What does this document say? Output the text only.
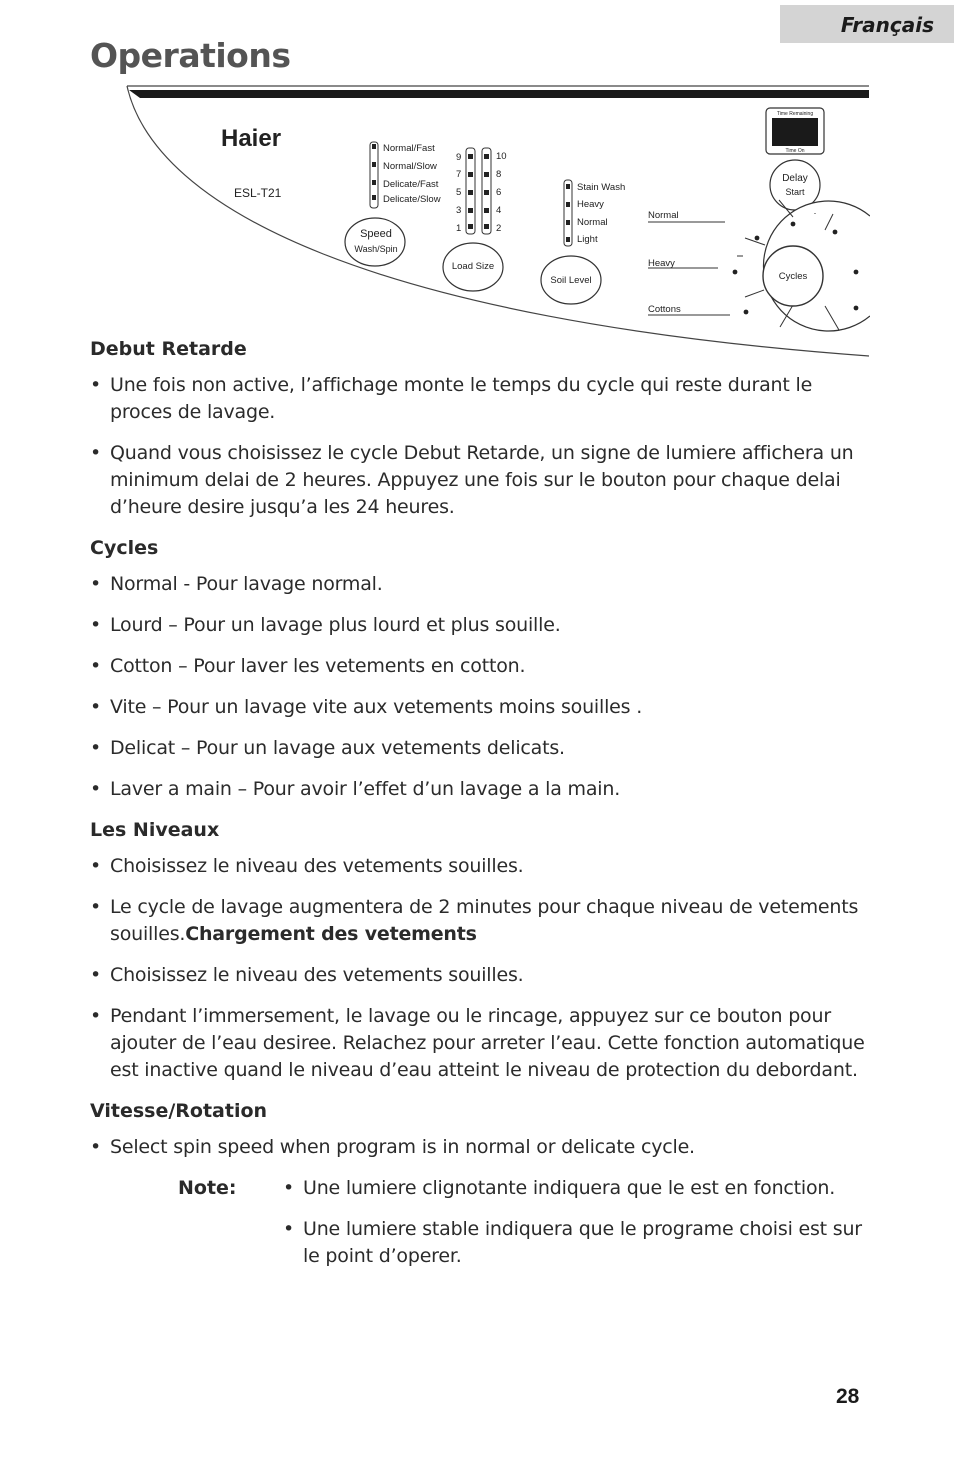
Français
Operations
Haier
ESL-T21
Normal/Fast
Normal/Slow
Delicate/Fast
Delicate/Slow
Speed
Wash/Spin
9
7
5
3
1
10
8
6
4
2
Load Size
Stain Wash
Heavy
Normal
Light
Soil Level
Time Remaining
Time On
Delay
Start
Cycles
Normal
Heavy
Cottons
Debut Retarde
• Une fois non active, l’affichage monte le temps du cycle qui reste durant le proces de lavage.
• Quand vous choisissez le cycle Debut Retarde, un signe de lumiere affichera un minimum delai de 2 heures. Appuyez une fois sur le bouton pour chaque delai d’heure desire jusqu’a les 24 heures.
Cycles
• Normal - Pour lavage normal.
• Lourd – Pour un lavage plus lourd et plus souille.
• Cotton – Pour laver les vetements en cotton.
• Vite – Pour un lavage vite aux vetements moins souilles .
• Delicat – Pour un lavage aux vetements delicats.
• Laver a main – Pour avoir l’effet d’un lavage a la main.
Les Niveaux
• Choisissez le niveau des vetements souilles.
• Le cycle de lavage augmentera de 2 minutes pour chaque niveau de vetements souilles.Chargement des vetements
• Choisissez le niveau des vetements souilles.
• Pendant l’immersement, le lavage ou le rincage, appuyez sur ce bouton pour ajouter de l’eau desiree. Relachez pour arreter l’eau. Cette fonction automatique est inactive quand le niveau d’eau atteint le niveau de protection du debordant.
Vitesse/Rotation
• Select spin speed when program is in normal or delicate cycle.
Note:
•	Une lumiere clignotante indiquera que le est en fonction.
• Une lumiere stable indiquera que le programe choisi est sur le point d’operer.
28
